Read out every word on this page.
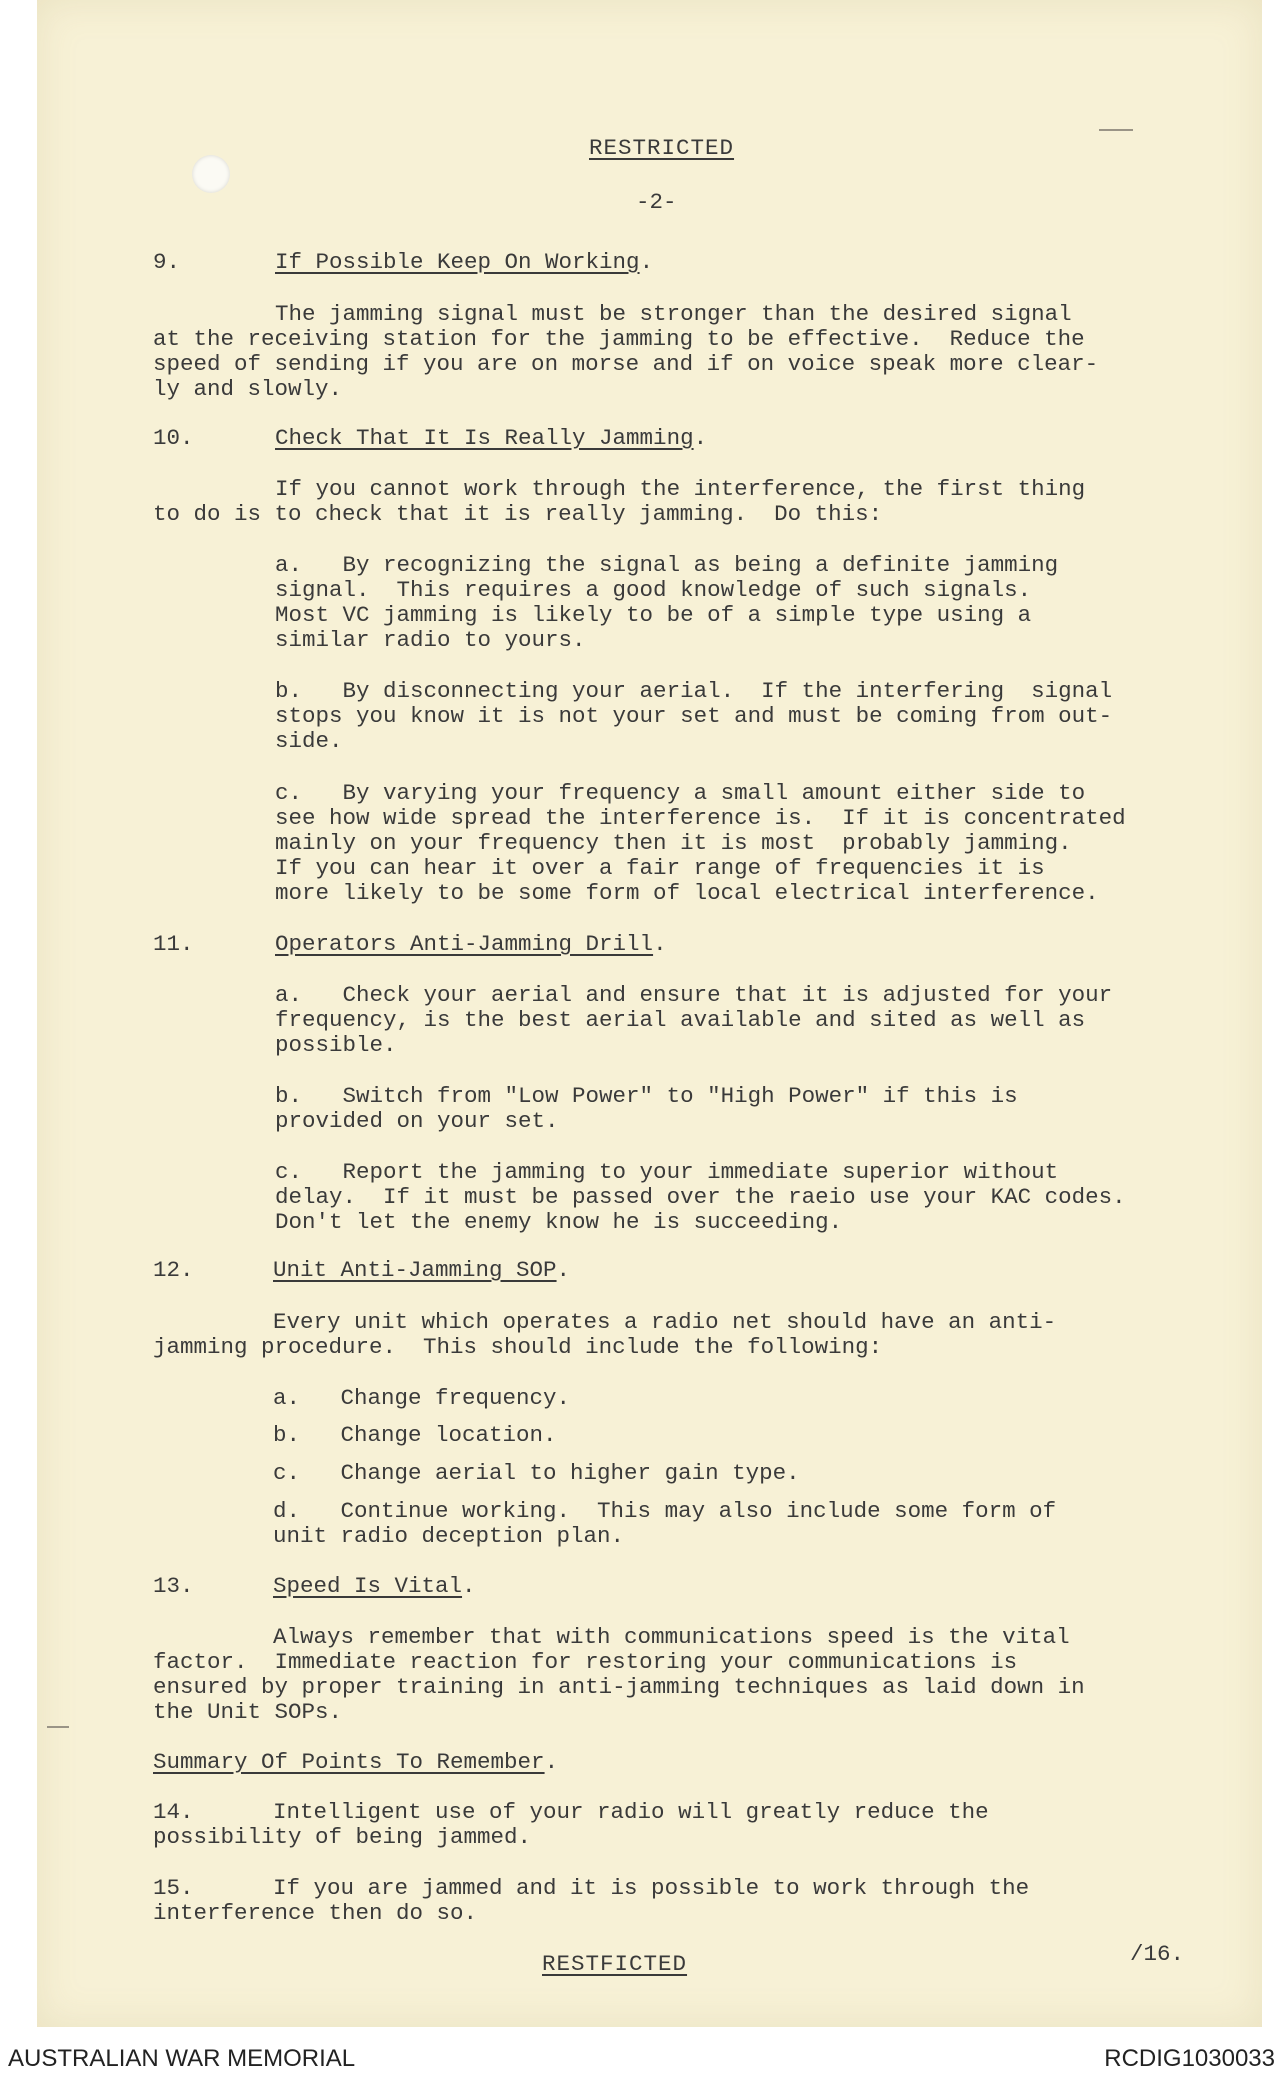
RESTRICTED
-2-
9.	If Possible Keep On Working.
The jamming signal must be stronger than the desired signal
at the receiving station for the jamming to be effective.  Reduce the
speed of sending if you are on morse and if on voice speak more clear-
ly and slowly.
10.	Check That It Is Really Jamming.
If you cannot work through the interference, the first thing
to do is to check that it is really jamming.  Do this:
a.   By recognizing the signal as being a definite jamming
signal.  This requires a good knowledge of such signals.
Most VC jamming is likely to be of a simple type using a
similar radio to yours.
b.   By disconnecting your aerial.  If the interfering  signal
stops you know it is not your set and must be coming from out-
side.
c.   By varying your frequency a small amount either side to
see how wide spread the interference is.  If it is concentrated
mainly on your frequency then it is most  probably jamming.
If you can hear it over a fair range of frequencies it is
more likely to be some form of local electrical interference.
11.	Operators Anti-Jamming Drill.
a.   Check your aerial and ensure that it is adjusted for your
frequency, is the best aerial available and sited as well as
possible.
b.   Switch from "Low Power" to "High Power" if this is
provided on your set.
c.   Report the jamming to your immediate superior without
delay.  If it must be passed over the raeio use your KAC codes.
Don't let the enemy know he is succeeding.
12.	Unit Anti-Jamming SOP.
Every unit which operates a radio net should have an anti-
jamming procedure.  This should include the following:
a.   Change frequency.
b.   Change location.
c.   Change aerial to higher gain type.
d.   Continue working.  This may also include some form of
unit radio deception plan.
13.	Speed Is Vital.
Always remember that with communications speed is the vital
factor.  Immediate reaction for restoring your communications is
ensured by proper training in anti-jamming techniques as laid down in
the Unit SOPs.
Summary Of Points To Remember.
14.	Intelligent use of your radio will greatly reduce the
possibility of being jammed.
15.	If you are jammed and it is possible to work through the
interference then do so.
RESTFICTED	/16.
AUSTRALIAN WAR MEMORIAL	RCDIG1030033
